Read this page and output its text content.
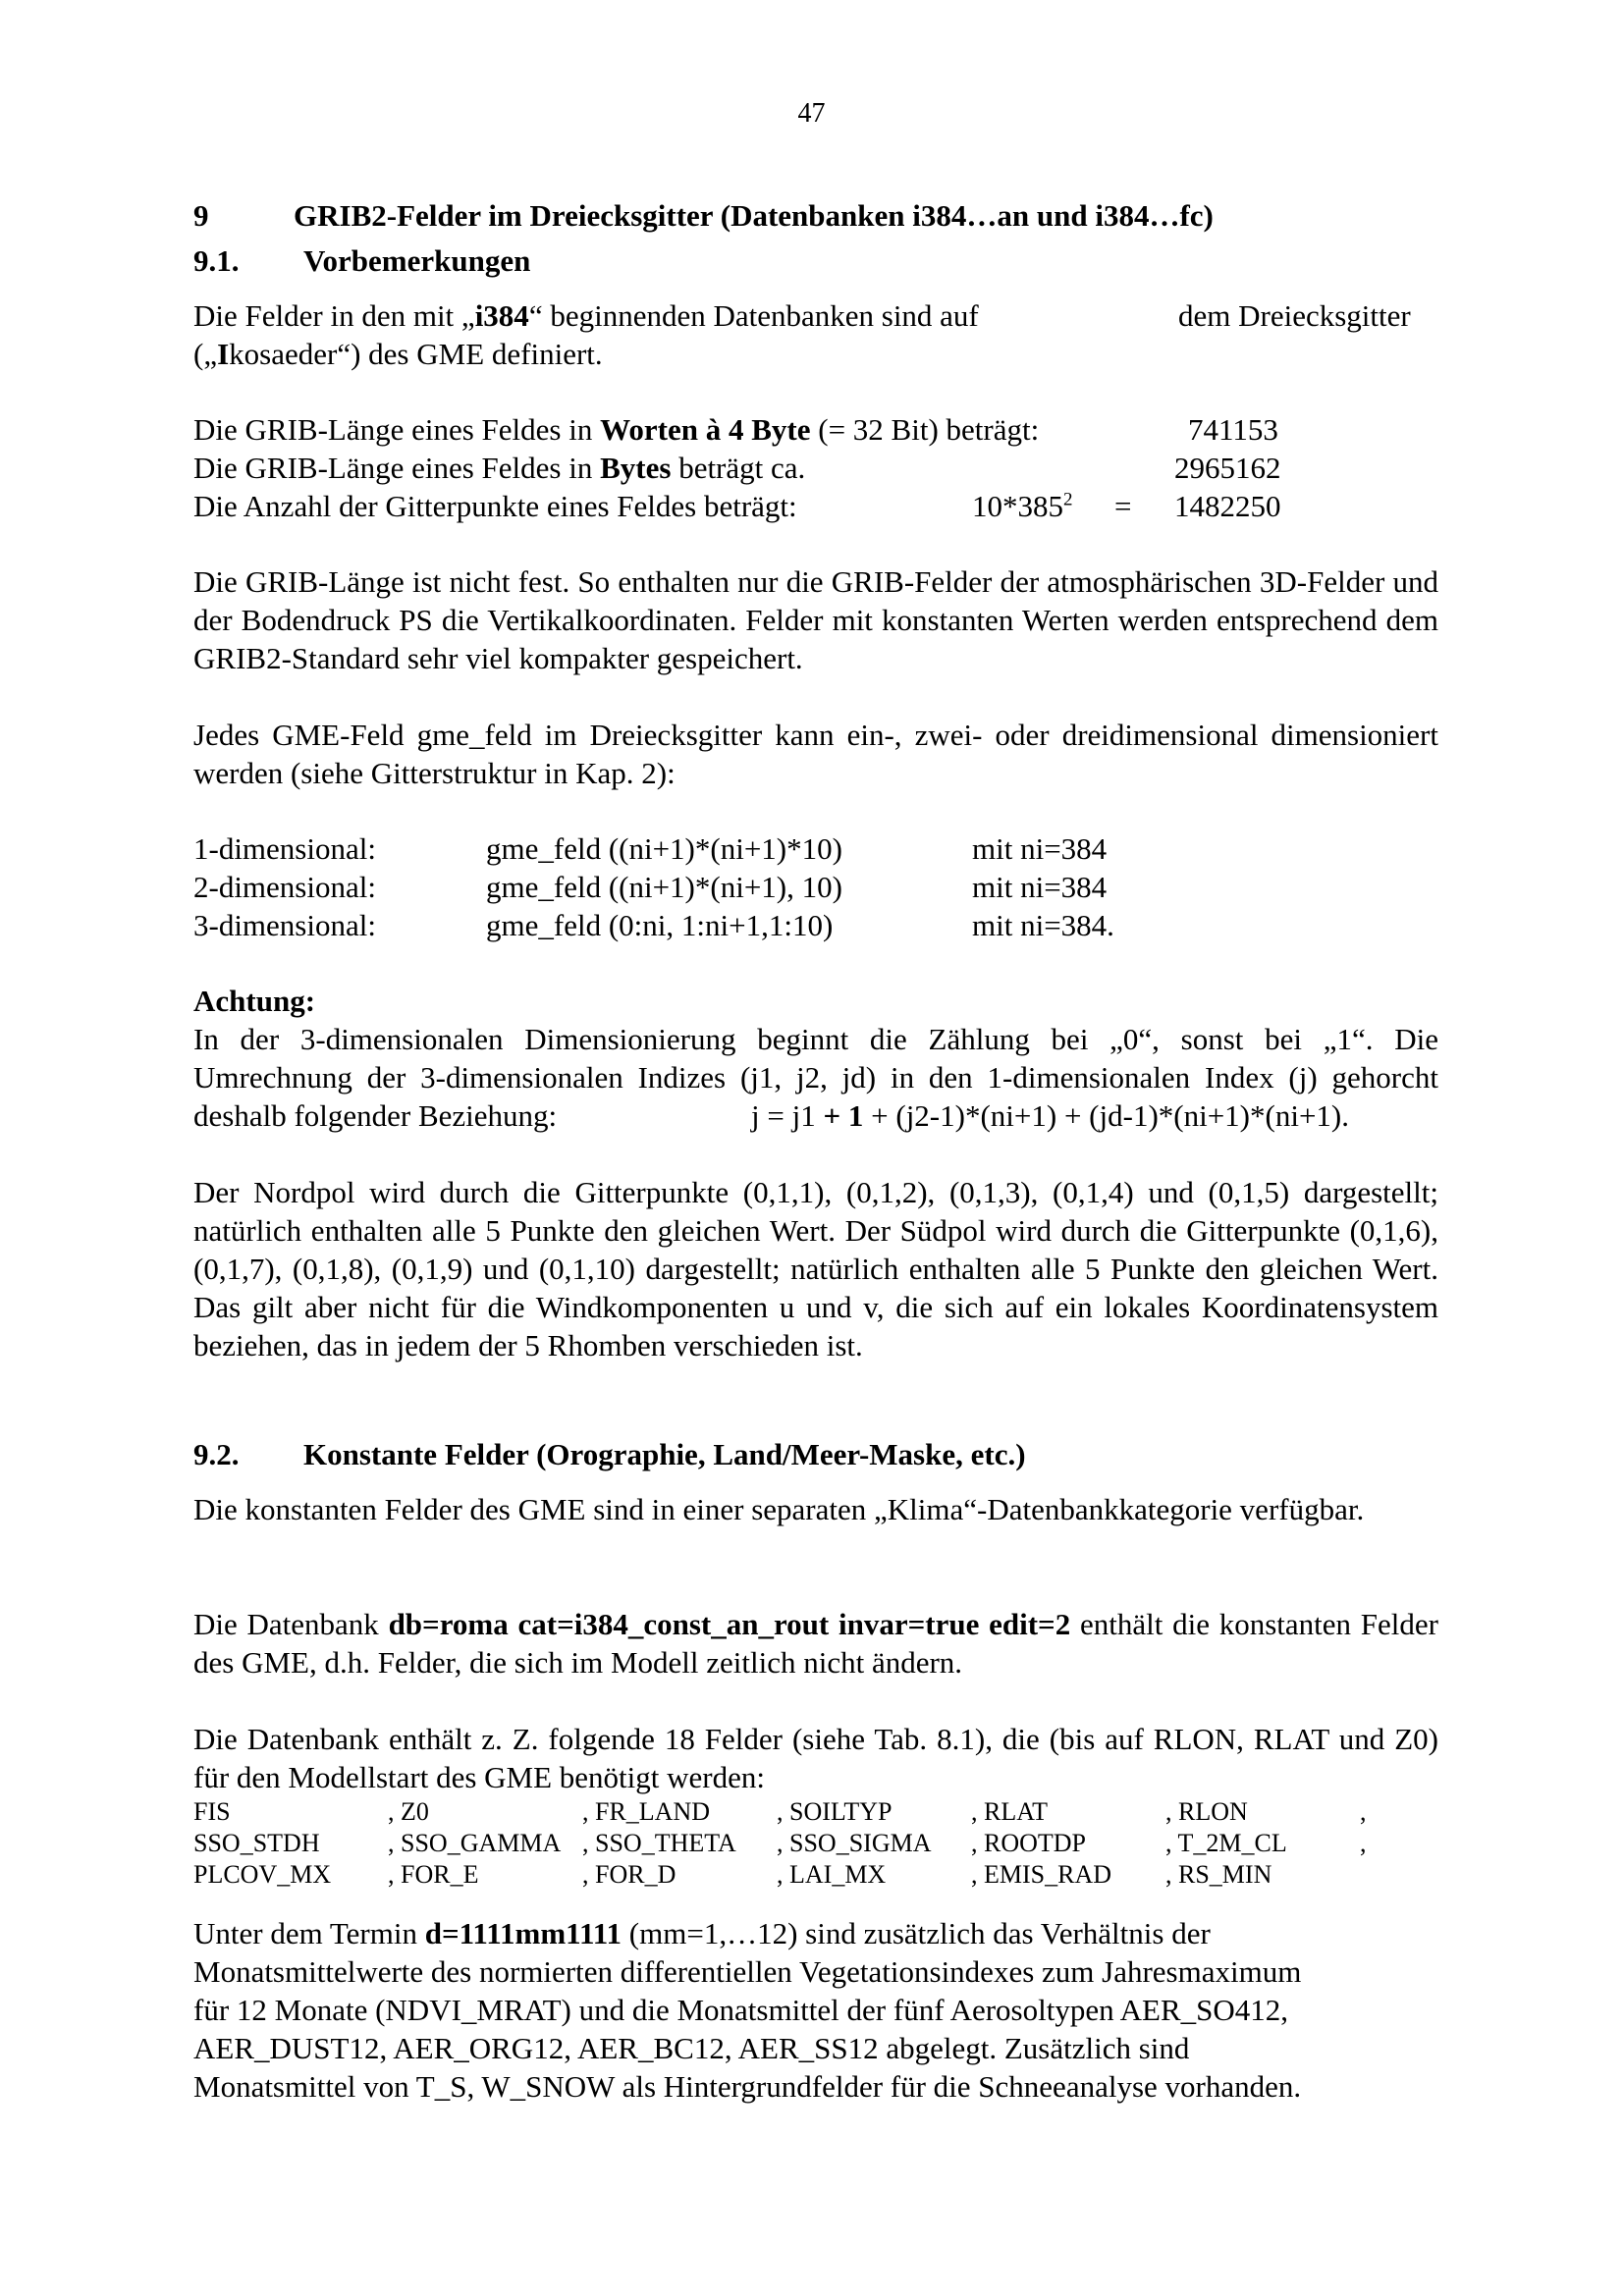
47
9	GRIB2-Felder im Dreiecksgitter (Datenbanken i384…an und i384…fc)
9.1. Vorbemerkungen
Die Felder in den mit „i384“ beginnenden Datenbanken sind auf	dem Dreiecksgitter
(„Ikosaeder“) des GME definiert.
Die GRIB-Länge eines Feldes in Worten à 4 Byte (= 32 Bit) beträgt:	741153
Die GRIB-Länge eines Feldes in Bytes beträgt ca.	2965162
Die Anzahl der Gitterpunkte eines Feldes beträgt:	$10*385^2 = 1482250$
Die GRIB-Länge ist nicht fest. So enthalten nur die GRIB-Felder der atmosphärischen 3D-Felder und der Bodendruck PS die Vertikalkoordinaten. Felder mit konstanten Werten werden entsprechend dem GRIB2-Standard sehr viel kompakter gespeichert.
Jedes GME-Feld gme_feld im Dreiecksgitter kann ein-, zwei- oder dreidimensional dimensioniert werden (siehe Gitterstruktur in Kap. 2):
1-dimensional:	gme_feld ((ni+1)*(ni+1)*10)	mit ni=384
2-dimensional:	gme_feld ((ni+1)*(ni+1), 10)	mit ni=384
3-dimensional:	gme_feld (0:ni, 1:ni+1,1:10)	mit ni=384.
Achtung:
In der 3-dimensionalen Dimensionierung beginnt die Zählung bei „0“, sonst bei „1“. Die Umrechnung der 3-dimensionalen Indizes (j1, j2, jd) in den 1-dimensionalen Index (j) gehorcht deshalb folgender Beziehung:	j = j1 + 1 + (j2-1)*(ni+1) + (jd-1)*(ni+1)*(ni+1).
Der Nordpol wird durch die Gitterpunkte (0,1,1), (0,1,2), (0,1,3), (0,1,4) und (0,1,5) dargestellt; natürlich enthalten alle 5 Punkte den gleichen Wert. Der Südpol wird durch die Gitterpunkte (0,1,6), (0,1,7), (0,1,8), (0,1,9) und (0,1,10) dargestellt; natürlich enthalten alle 5 Punkte den gleichen Wert. Das gilt aber nicht für die Windkomponenten u und v, die sich auf ein lokales Koordinatensystem beziehen, das in jedem der 5 Rhomben verschieden ist.
9.2. Konstante Felder (Orographie, Land/Meer-Maske, etc.)
Die konstanten Felder des GME sind in einer separaten „Klima“-Datenbankkategorie verfügbar.
Die Datenbank db=roma cat=i384_const_an_rout invar=true edit=2 enthält die konstanten Felder des GME, d.h. Felder, die sich im Modell zeitlich nicht ändern.
Die Datenbank enthält z. Z. folgende 18 Felder (siehe Tab. 8.1), die (bis auf RLON, RLAT und Z0) für den Modellstart des GME benötigt werden:
FIS	, Z0	, FR_LAND	, SOILTYP	, RLAT	, RLON	,
SSO_STDH	, SSO_GAMMA , SSO_THETA , SSO_SIGMA , ROOTDP	, T_2M_CL	,
PLCOV_MX , FOR_E	, FOR_D	, LAI_MX	, EMIS_RAD , RS_MIN
Unter dem Termin d=1111mm1111 (mm=1,…12) sind zusätzlich das Verhältnis der
Monatsmittelwerte des normierten differentiellen Vegetationsindexes zum Jahresmaximum
für 12 Monate (NDVI_MRAT) und die Monatsmittel der fünf Aerosoltypen AER_SO412,
AER_DUST12, AER_ORG12, AER_BC12, AER_SS12 abgelegt. Zusätzlich sind
Monatsmittel von T_S, W_SNOW als Hintergrundfelder für die Schneeanalyse vorhanden.
